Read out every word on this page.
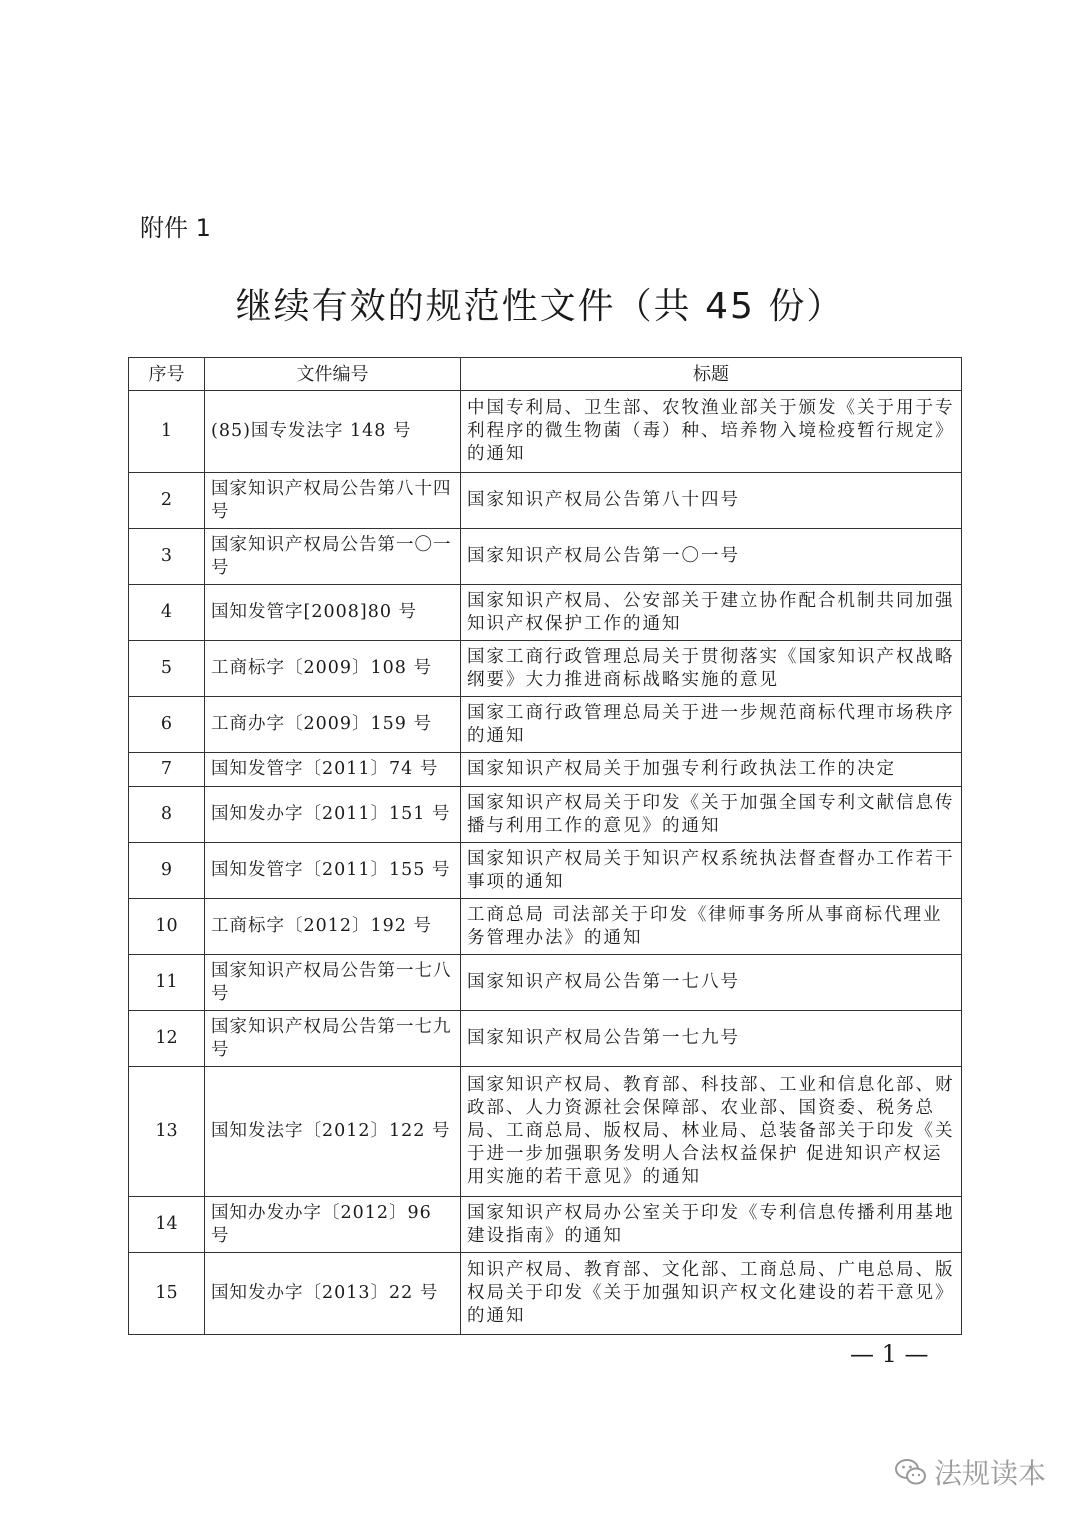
附件 1
继续有效的规范性文件（共 45 份）
序号	文件编号	标题
1	(85)国专发法字 148 号	中国专利局、卫生部、农牧渔业部关于颁发《关于用于专利程序的微生物菌（毒）种、培养物入境检疫暂行规定》的通知
2	国家知识产权局公告第八十四号	国家知识产权局公告第八十四号
3	国家知识产权局公告第一〇一号	国家知识产权局公告第一〇一号
4	国知发管字[2008]80 号	国家知识产权局、公安部关于建立协作配合机制共同加强知识产权保护工作的通知
5	工商标字〔2009〕108 号	国家工商行政管理总局关于贯彻落实《国家知识产权战略纲要》大力推进商标战略实施的意见
6	工商办字〔2009〕159 号	国家工商行政管理总局关于进一步规范商标代理市场秩序的通知
7	国知发管字〔2011〕74 号	国家知识产权局关于加强专利行政执法工作的决定
8	国知发办字〔2011〕151 号	国家知识产权局关于印发《关于加强全国专利文献信息传播与利用工作的意见》的通知
9	国知发管字〔2011〕155 号	国家知识产权局关于知识产权系统执法督查督办工作若干事项的通知
10	工商标字〔2012〕192 号	工商总局 司法部关于印发《律师事务所从事商标代理业务管理办法》的通知
11	国家知识产权局公告第一七八号	国家知识产权局公告第一七八号
12	国家知识产权局公告第一七九号	国家知识产权局公告第一七九号
13	国知发法字〔2012〕122 号	国家知识产权局、教育部、科技部、工业和信息化部、财政部、人力资源社会保障部、农业部、国资委、税务总局、工商总局、版权局、林业局、总装备部关于印发《关于进一步加强职务发明人合法权益保护 促进知识产权运用实施的若干意见》的通知
14	国知办发办字〔2012〕96 号	国家知识产权局办公室关于印发《专利信息传播利用基地建设指南》的通知
15	国知发办字〔2013〕22 号	知识产权局、教育部、文化部、工商总局、广电总局、版权局关于印发《关于加强知识产权文化建设的若干意见》的通知
— 1 —
法规读本
